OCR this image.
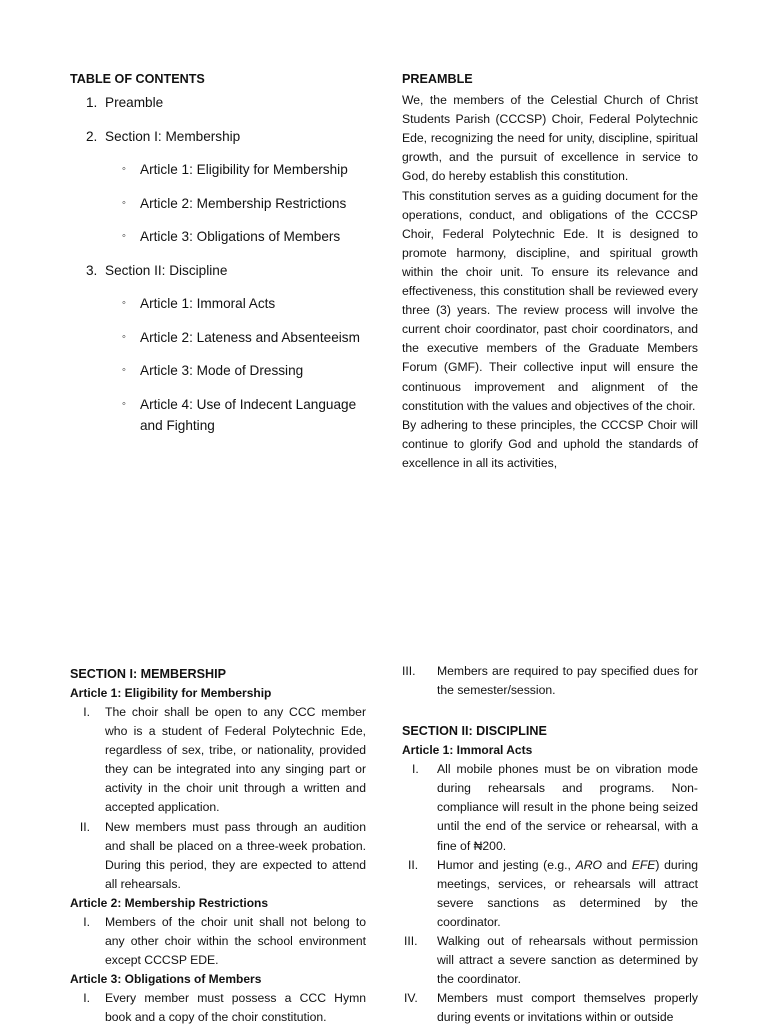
TABLE OF CONTENTS
1. Preamble
2. Section I: Membership
◦ Article 1: Eligibility for Membership
◦ Article 2: Membership Restrictions
◦ Article 3: Obligations of Members
3. Section II: Discipline
◦ Article 1: Immoral Acts
◦ Article 2: Lateness and Absenteeism
◦ Article 3: Mode of Dressing
◦ Article 4: Use of Indecent Language and Fighting
PREAMBLE

We, the members of the Celestial Church of Christ Students Parish (CCCSP) Choir, Federal Polytechnic Ede, recognizing the need for unity, discipline, spiritual growth, and the pursuit of excellence in service to God, do hereby establish this constitution.

This constitution serves as a guiding document for the operations, conduct, and obligations of the CCCSP Choir, Federal Polytechnic Ede. It is designed to promote harmony, discipline, and spiritual growth within the choir unit. To ensure its relevance and effectiveness, this constitution shall be reviewed every three (3) years. The review process will involve the current choir coordinator, past choir coordinators, and the executive members of the Graduate Members Forum (GMF). Their collective input will ensure the continuous improvement and alignment of the constitution with the values and objectives of the choir.

By adhering to these principles, the CCCSP Choir will continue to glorify God and uphold the standards of excellence in all its activities,

SECTION I: MEMBERSHIP
Article 1: Eligibility for Membership
I. The choir shall be open to any CCC member who is a student of Federal Polytechnic Ede, regardless of sex, tribe, or nationality, provided they can be integrated into any singing part or activity in the choir unit through a written and accepted application.
II. New members must pass through an audition and shall be placed on a three-week probation. During this period, they are expected to attend all rehearsals.
Article 2: Membership Restrictions
I. Members of the choir unit shall not belong to any other choir within the school environment except CCCSP EDE.
Article 3: Obligations of Members
I. Every member must possess a CCC Hymn book and a copy of the choir constitution.
III.	Members are required to pay specified dues for the semester/session.
SECTION II: DISCIPLINE
Article 1: Immoral Acts
I.	All mobile phones must be on vibration mode during rehearsals and programs. Non-compliance will result in the phone being seized until the end of the service or rehearsal, with a fine of ₦200.
II.	Humor and jesting (e.g., ARO and EFE) during meetings, services, or rehearsals will attract severe sanctions as determined by the coordinator.
III.	Walking out of rehearsals without permission will attract a severe sanction as determined by the coordinator.
IV.	Members must comport themselves properly during events or invitations within or outside
